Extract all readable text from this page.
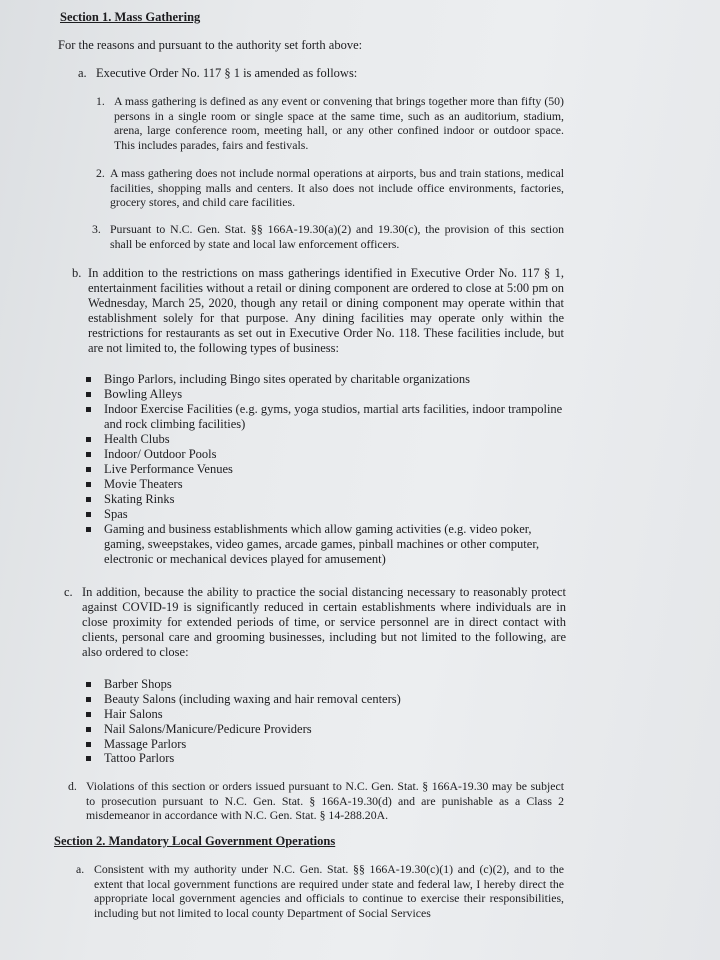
Section 1. Mass Gathering
For the reasons and pursuant to the authority set forth above:
a. Executive Order No. 117 § 1 is amended as follows:
1. A mass gathering is defined as any event or convening that brings together more than fifty (50) persons in a single room or single space at the same time, such as an auditorium, stadium, arena, large conference room, meeting hall, or any other confined indoor or outdoor space. This includes parades, fairs and festivals.
2. A mass gathering does not include normal operations at airports, bus and train stations, medical facilities, shopping malls and centers. It also does not include office environments, factories, grocery stores, and child care facilities.
3. Pursuant to N.C. Gen. Stat. §§ 166A-19.30(a)(2) and 19.30(c), the provision of this section shall be enforced by state and local law enforcement officers.
b. In addition to the restrictions on mass gatherings identified in Executive Order No. 117 § 1, entertainment facilities without a retail or dining component are ordered to close at 5:00 pm on Wednesday, March 25, 2020, though any retail or dining component may operate within that establishment solely for that purpose. Any dining facilities may operate only within the restrictions for restaurants as set out in Executive Order No. 118. These facilities include, but are not limited to, the following types of business:
Bingo Parlors, including Bingo sites operated by charitable organizations
Bowling Alleys
Indoor Exercise Facilities (e.g. gyms, yoga studios, martial arts facilities, indoor trampoline and rock climbing facilities)
Health Clubs
Indoor/ Outdoor Pools
Live Performance Venues
Movie Theaters
Skating Rinks
Spas
Gaming and business establishments which allow gaming activities (e.g. video poker, gaming, sweepstakes, video games, arcade games, pinball machines or other computer, electronic or mechanical devices played for amusement)
c. In addition, because the ability to practice the social distancing necessary to reasonably protect against COVID-19 is significantly reduced in certain establishments where individuals are in close proximity for extended periods of time, or service personnel are in direct contact with clients, personal care and grooming businesses, including but not limited to the following, are also ordered to close:
Barber Shops
Beauty Salons (including waxing and hair removal centers)
Hair Salons
Nail Salons/Manicure/Pedicure Providers
Massage Parlors
Tattoo Parlors
d. Violations of this section or orders issued pursuant to N.C. Gen. Stat. § 166A-19.30 may be subject to prosecution pursuant to N.C. Gen. Stat. § 166A-19.30(d) and are punishable as a Class 2 misdemeanor in accordance with N.C. Gen. Stat. § 14-288.20A.
Section 2. Mandatory Local Government Operations
a. Consistent with my authority under N.C. Gen. Stat. §§ 166A-19.30(c)(1) and (c)(2), and to the extent that local government functions are required under state and federal law, I hereby direct the appropriate local government agencies and officials to continue to exercise their responsibilities, including but not limited to local county Department of Social Services
